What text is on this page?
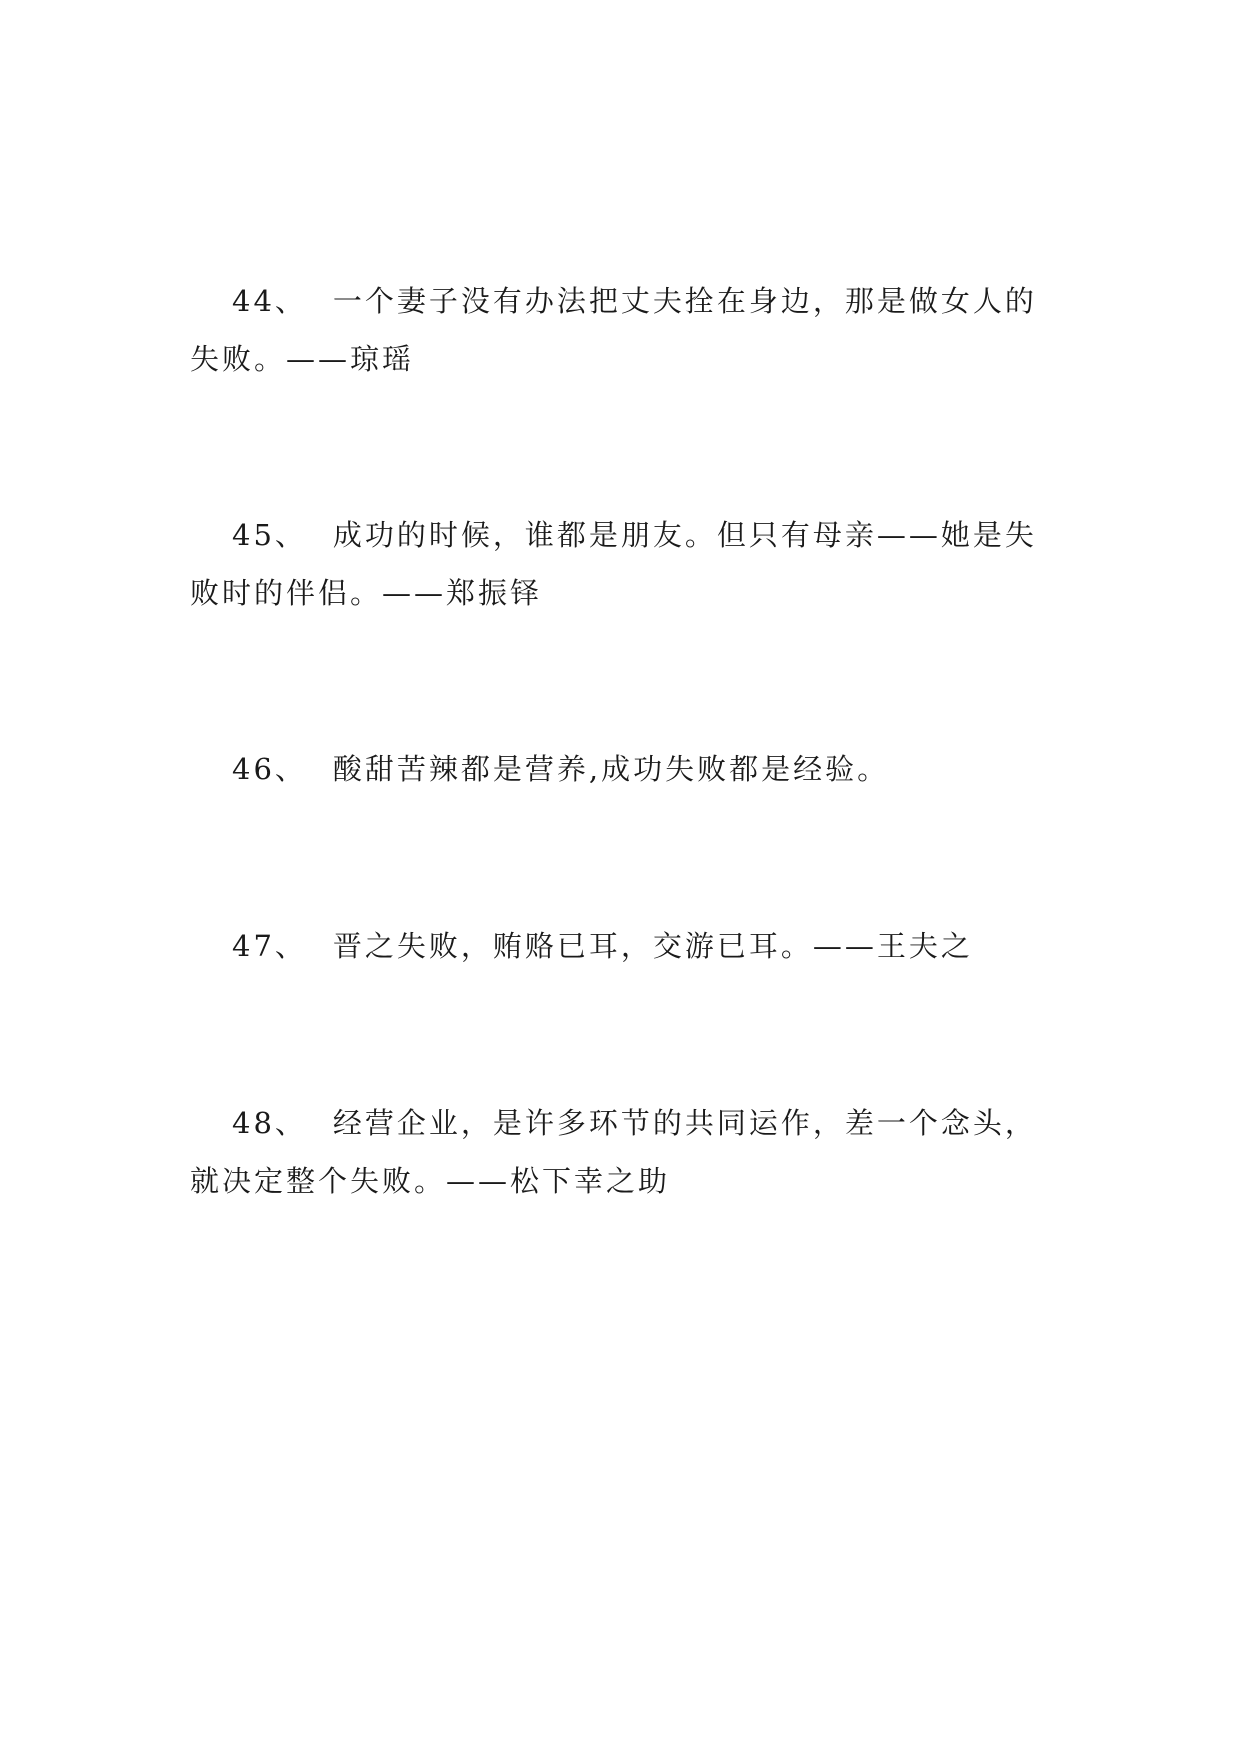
44、 一个妻子没有办法把丈夫拴在身边，那是做女人的失败。——琼瑶

45、 成功的时候，谁都是朋友。但只有母亲——她是失败时的伴侣。——郑振铎

46、 酸甜苦辣都是营养,成功失败都是经验。

47、 晋之失败，贿赂已耳，交游已耳。——王夫之

48、 经营企业，是许多环节的共同运作，差一个念头，就决定整个失败。——松下幸之助
